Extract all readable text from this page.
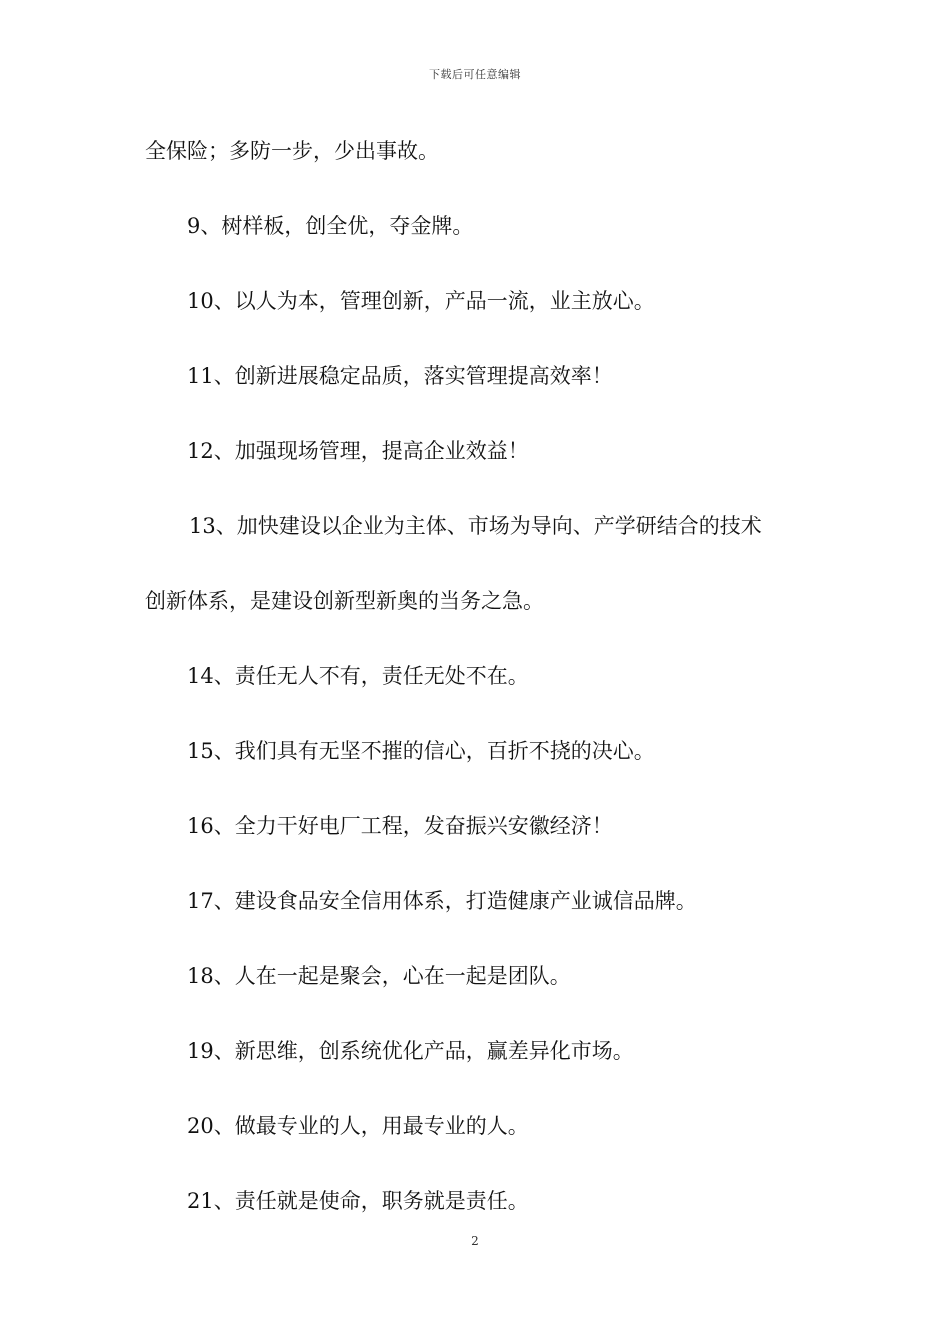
下载后可任意编辑
全保险；多防一步，少出事故。
9、树样板，创全优，夺金牌。
10、以人为本，管理创新，产品一流，业主放心。
11、创新进展稳定品质，落实管理提高效率！
12、加强现场管理，提高企业效益！
13、加快建设以企业为主体、市场为导向、产学研结合的技术
创新体系，是建设创新型新奥的当务之急。
14、责任无人不有，责任无处不在。
15、我们具有无坚不摧的信心，百折不挠的决心。
16、全力干好电厂工程，发奋振兴安徽经济！
17、建设食品安全信用体系，打造健康产业诚信品牌。
18、人在一起是聚会，心在一起是团队。
19、新思维，创系统优化产品，赢差异化市场。
20、做最专业的人，用最专业的人。
21、责任就是使命，职务就是责任。
2
